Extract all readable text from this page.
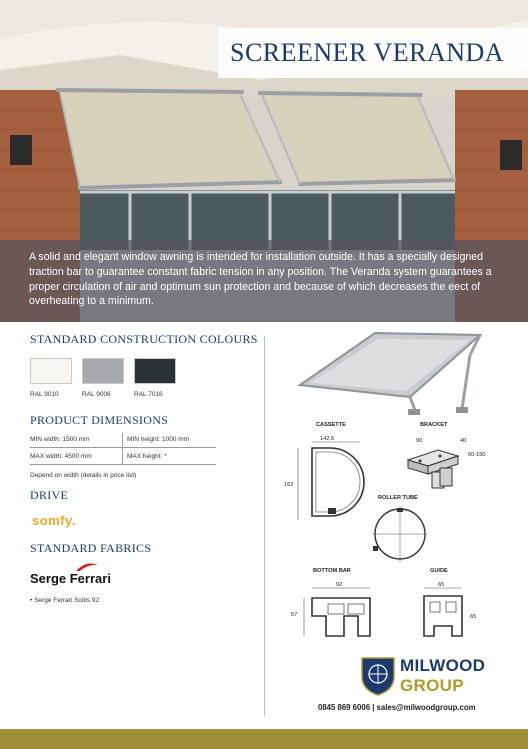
SCREENER VERANDA

A solid and elegant window awning is intended for installation outside. It has a specially designed traction bar to guarantee constant fabric tension in any position. The Veranda system guarantees a proper circulation of air and optimum sun protection and because of which decreases the eect of overheating to a minimum.

STANDARD CONSTRUCTION COLOURS
RAL 9010	RAL 9006	RAL 7016
PRODUCT DIMENSIONS
MIN width: 1500 mm	MIN height: 1000 mm
MAX width: 4500 mm	MAX height: *
Depend on width (details in price list)
DRIVE
somfy.
STANDARD FABRICS
Serge Ferrari
• Serge Ferrari Soltis 92
CASSETTE
142.6
162
BRACKET
90	40
60-150
ROLLER TUBE
BOTTOM BAR
92
57
GUIDE
65
65
MILWOOD
GROUP
0845 869 6006 | sales@milwoodgroup.com
